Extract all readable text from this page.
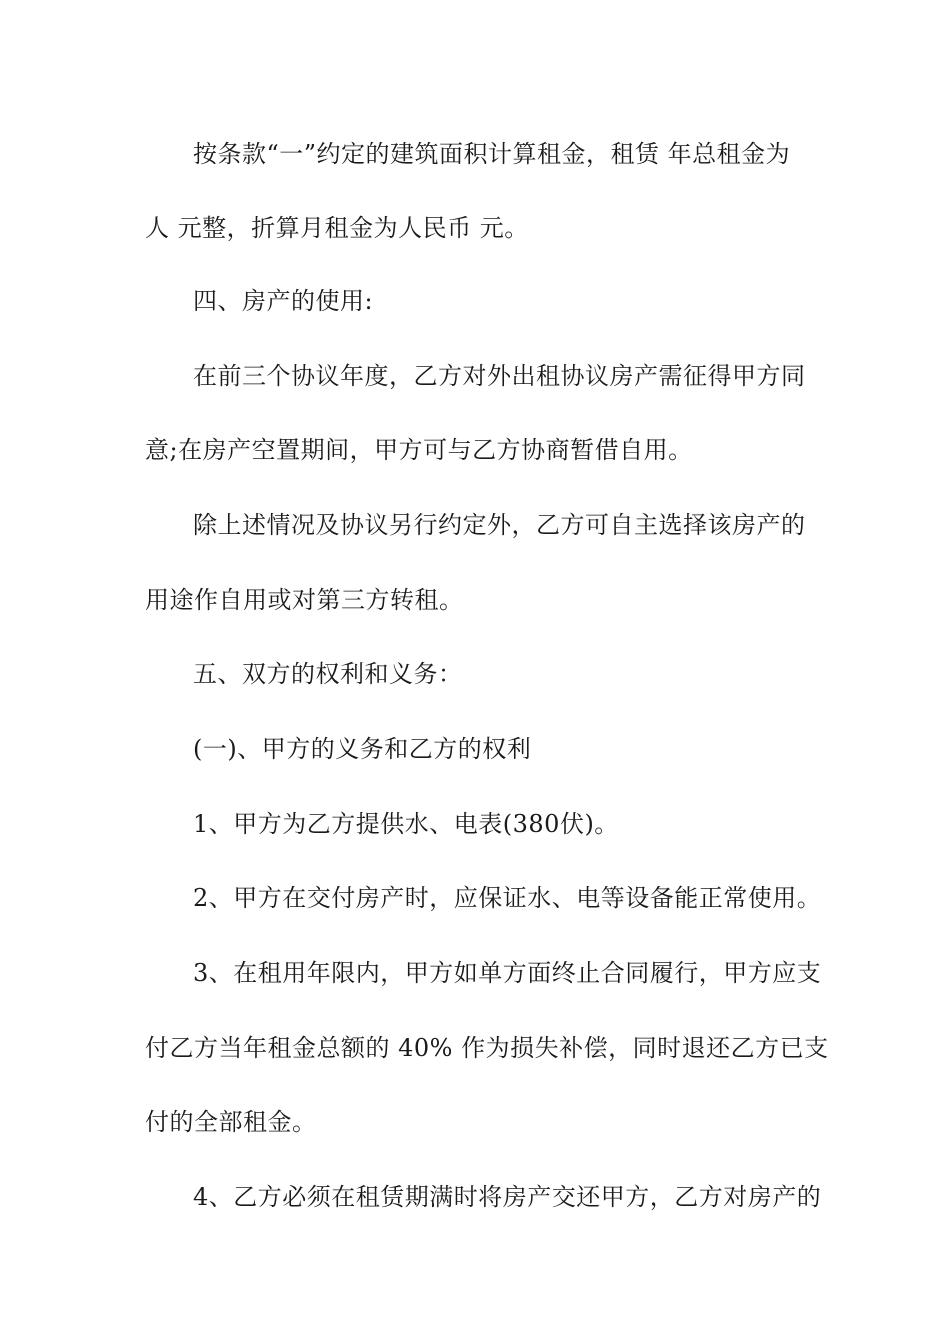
按条款“一”约定的建筑面积计算租金，租赁 年总租金为
人 元整，折算月租金为人民币 元。
四、房产的使用:
在前三个协议年度，乙方对外出租协议房产需征得甲方同
意;在房产空置期间，甲方可与乙方协商暂借自用。
除上述情况及协议另行约定外，乙方可自主选择该房产的
用途作自用或对第三方转租。
五、双方的权利和义务：
(一)、甲方的义务和乙方的权利
1、甲方为乙方提供水、电表(380伏)。
2、甲方在交付房产时，应保证水、电等设备能正常使用。
3、在租用年限内，甲方如单方面终止合同履行，甲方应支
付乙方当年租金总额的 40% 作为损失补偿，同时退还乙方已支
付的全部租金。
4、乙方必须在租赁期满时将房产交还甲方，乙方对房产的
